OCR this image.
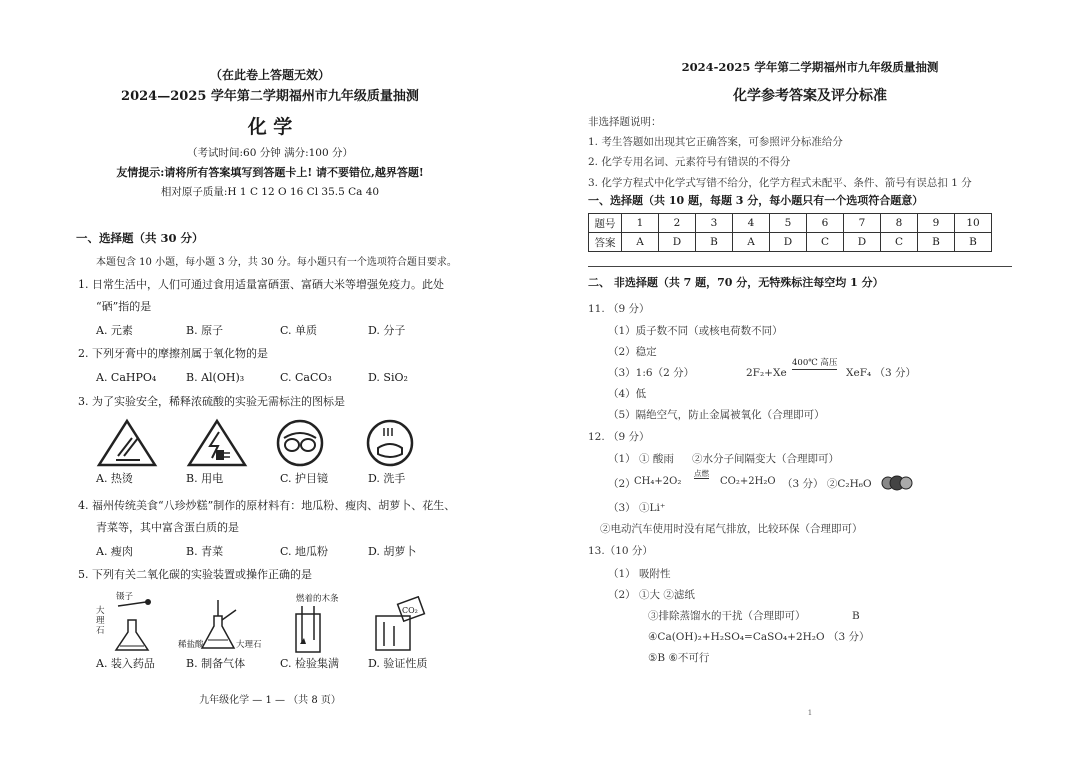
（在此卷上答题无效）
2024—2025 学年第二学期福州市九年级质量抽测
化 学
（考试时间:60 分钟 满分:100 分）
友情提示:请将所有答案填写到答题卡上! 请不要错位,越界答题!
相对原子质量:H 1 C 12 O 16 Cl 35.5 Ca 40
一、选择题（共 30 分）
本题包含 10 小题，每小题 3 分，共 30 分。每小题只有一个选项符合题目要求。
1. 日常生活中，人们可通过食用适量富硒蛋、富硒大米等增强免疫力。此处
“硒”指的是
A. 元素	B. 原子	C. 单质	D. 分子
2. 下列牙膏中的摩擦剂属于氧化物的是
A. CaHPO₄	B. Al(OH)₃	C. CaCO₃	D. SiO₂
3. 为了实验安全，稀释浓硫酸的实验无需标注的图标是
A. 热烫	B. 用电	C. 护目镜	D. 洗手
4. 福州传统美食“八珍炒糕”制作的原材料有：地瓜粉、瘦肉、胡萝卜、花生、
青菜等，其中富含蛋白质的是
A. 瘦肉	B. 青菜	C. 地瓜粉	D. 胡萝卜
5. 下列有关二氧化碳的实验装置或操作正确的是
镊子
大
理
石
稀盐酸	大理石
燃着的木条
CO₂
A. 装入药品	B. 制备气体	C. 检验集满	D. 验证性质
九年级化学 — 1 — （共 8 页）
2024-2025 学年第二学期福州市九年级质量抽测
化学参考答案及评分标准
非选择题说明：
1. 考生答题如出现其它正确答案，可参照评分标准给分
2. 化学专用名词、元素符号有错误的不得分
3. 化学方程式中化学式写错不给分，化学方程式未配平、条件、箭号有误总扣 1 分
一、选择题（共 10 题，每题 3 分，每小题只有一个选项符合题意）
题号	1	2	3	4	5	6	7	8	9	10
答案	A	D	B	A	D	C	D	C	B	B
二、 非选择题（共 7 题，70 分，无特殊标注每空均 1 分）
11. （9 分）
（1）质子数不同（或核电荷数不同）
（2）稳定
（3）1:6（2 分）	2F₂+Xe
400℃ 高压
XeF₄ （3 分）
（4）低
（5）隔绝空气，防止金属被氧化（合理即可）
12. （9 分）
（1） ① 酸雨 ②水分子间隔变大（合理即可）
（2）
CH₄+2O₂
点燃
CO₂+2H₂O （3 分） ②C₂H₆O
（3） ①Li⁺
②电动汽车使用时没有尾气排放，比较环保（合理即可）
13.（10 分）
（1） 吸附性
（2） ①大 ②滤纸
③排除蒸馏水的干扰（合理即可）	B
④Ca(OH)₂+H₂SO₄=CaSO₄+2H₂O （3 分）
⑤B ⑥不可行
1
